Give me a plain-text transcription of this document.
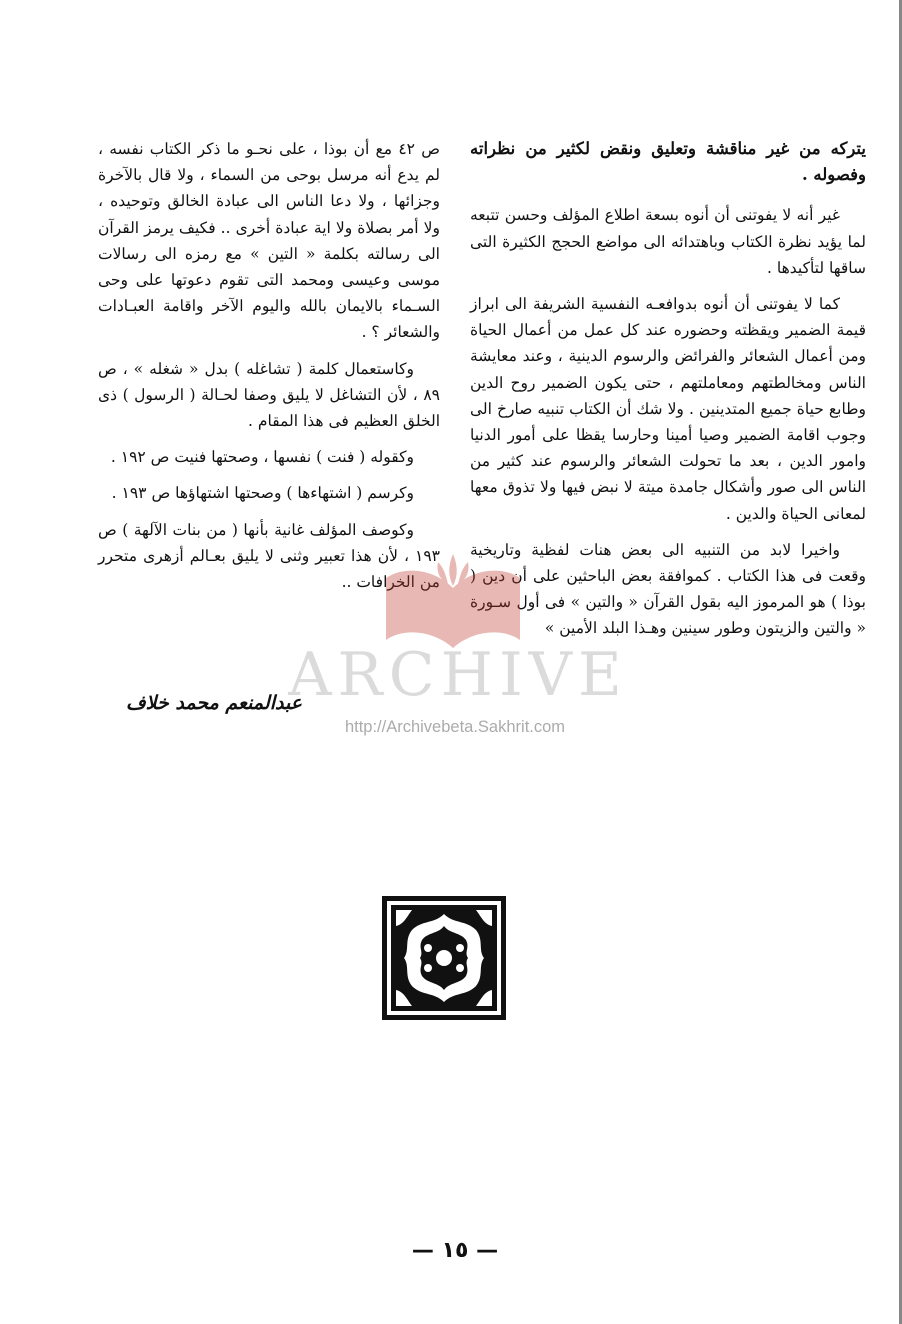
يتركه من غير مناقشة وتعليق ونقض لكثير من نظراته وفصوله .

غير أنه لا يفوتنى أن أنوه بسعة اطلاع المؤلف وحسن تتبعه لما يؤيد نظرة الكتاب وباهتدائه الى مواضع الحجج الكثيرة التى ساقها لتأكيدها .

كما لا يفوتنى أن أنوه بدوافعـه النفسية الشريفة الى ابراز قيمة الضمير ويقظته وحضوره عند كل عمل من أعمال الحياة ومن أعمال الشعائر والفرائض والرسوم الدينية ، وعند معايشة الناس ومخالطتهم ومعاملتهم ، حتى يكون الضمير روح الدين وطابع حياة جميع المتدينين . ولا شك أن الكتاب تنبيه صارخ الى وجوب اقامة الضمير وصيا أمينا وحارسا يقظا على أمور الدنيا وامور الدين ، بعد ما تحولت الشعائر والرسوم عند كثير من الناس الى صور وأشكال جامدة ميتة لا نبض فيها ولا تذوق معها لمعانى الحياة والدين .

واخيرا لابد من التنبيه الى بعض هنات لفظية وتاريخية وقعت فى هذا الكتاب . كموافقة بعض الباحثين على أن دين ( بوذا ) هو المرموز اليه بقول القرآن « والتين » فى أول سـورة « والتين والزيتون وطور سينين وهـذا البلد الأمين »

ص ٤٢ مع أن بوذا ، على نحـو ما ذكر الكتاب نفسه ، لم يدع أنه مرسل بوحى من السماء ، ولا قال بالآخرة وجزائها ، ولا دعا الناس الى عبادة الخالق وتوحيده ، ولا أمر بصلاة ولا اية عبادة أخرى .. فكيف يرمز القرآن الى رسالته بكلمة « التين » مع رمزه الى رسالات موسى وعيسى ومحمد التى تقوم دعوتها على وحى السـماء بالايمان بالله واليوم الآخر واقامة العبـادات والشعائر ؟ .

وكاستعمال كلمة ( تشاغله ) بدل « شغله » ، ص ٨٩ ، لأن التشاغل لا يليق وصفا لحـالة ( الرسول ) ذى الخلق العظيم فى هذا المقام .

وكقوله ( فنت ) نفسها ، وصحتها فنيت ص ١٩٢ .

وكرسم ( اشتهاءها ) وصحتها اشتهاؤها ص ١٩٣ .

وكوصف المؤلف غانية بأنها ( من بنات الآلهة ) ص ١٩٣ ، لأن هذا تعبير وثنى لا يليق بعـالم أزهرى متحرر من الخرافات ..

عبدالمنعم محمد خلاف
ARCHIVE
http://Archivebeta.Sakhrit.com
— ١٥ —
